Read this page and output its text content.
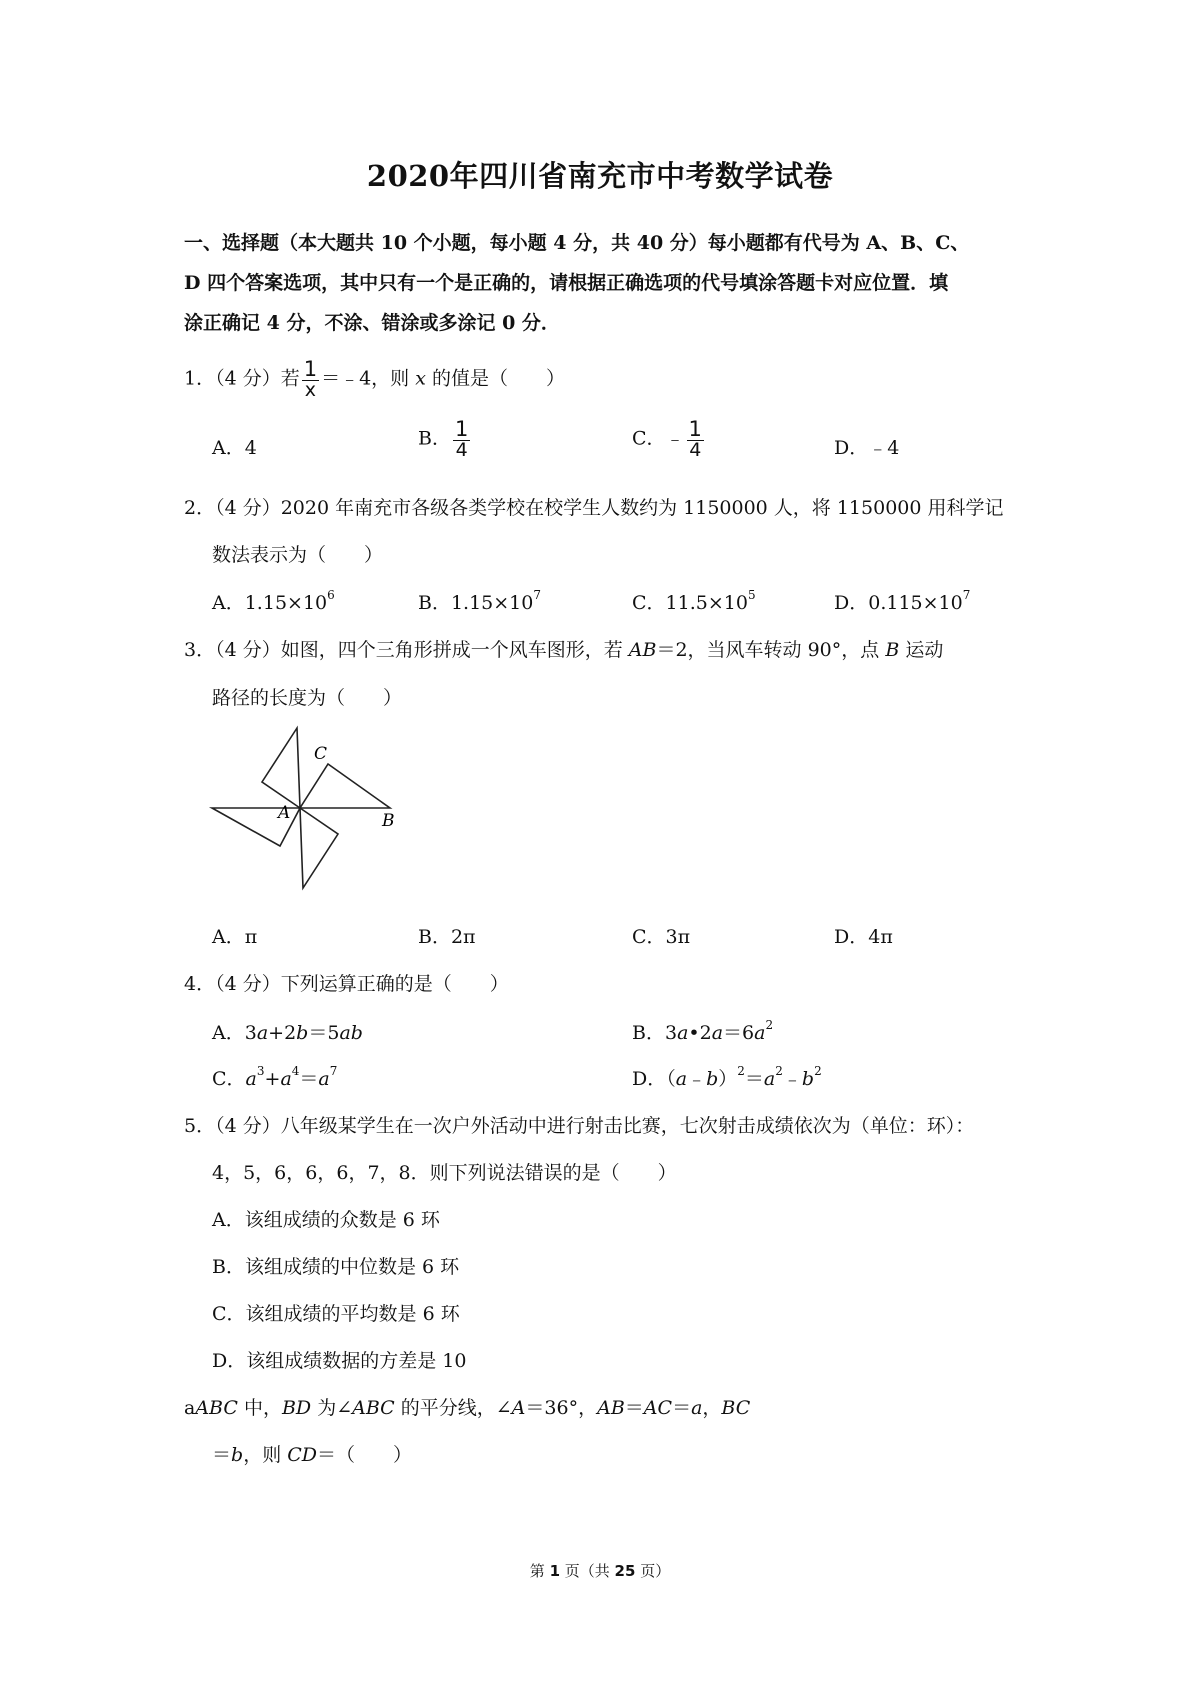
2020年四川省南充市中考数学试卷
一、选择题（本大题共 10 个小题，每小题 4 分，共 40 分）每小题都有代号为 A、B、C、
D 四个答案选项，其中只有一个是正确的，请根据正确选项的代号填涂答题卡对应位置．填
涂正确记 4 分，不涂、错涂或多涂记 0 分．
1．（4 分）若 $\frac{1}{x}$ ＝﹣4，则 x 的值是（　　）
A．4	B． $\frac{1}{4}$	C．﹣ $\frac{1}{4}$	D．﹣4
2．（4 分）2020 年南充市各级各类学校在校学生人数约为 1150000 人，将 1150000 用科学记
数法表示为（　　）
A．$1.15\times 10^6$	B．$1.15\times 10^7$	C．$11.5\times 10^5$	D．$0.115\times 10^7$
3．（4 分）如图，四个三角形拼成一个风车图形，若 AB＝2，当风车转动 90°，点 B 运动
路径的长度为（　　）
C
A	B
A．π	B．2π	C．3π	D．4π
4．（4 分）下列运算正确的是（　　）
A．3a+2b＝5ab	B．$3a•2a=6a^2$
C．$a^3+a^4=a^7$	D．$(a﹣b)^2=a^2﹣b^2$
5．（4 分）八年级某学生在一次户外活动中进行射击比赛，七次射击成绩依次为（单位：环）：
4，5，6，6，6，7，8．则下列说法错误的是（　　）
A．该组成绩的众数是 6 环
B．该组成绩的中位数是 6 环
C．该组成绩的平均数是 6 环
D．该组成绩数据的方差是 10
aABC 中，BD 为∠ABC 的平分线，∠A＝36°，AB＝AC＝a，BC
＝b，则 CD＝（　　）
第 1 页（共 25 页）
